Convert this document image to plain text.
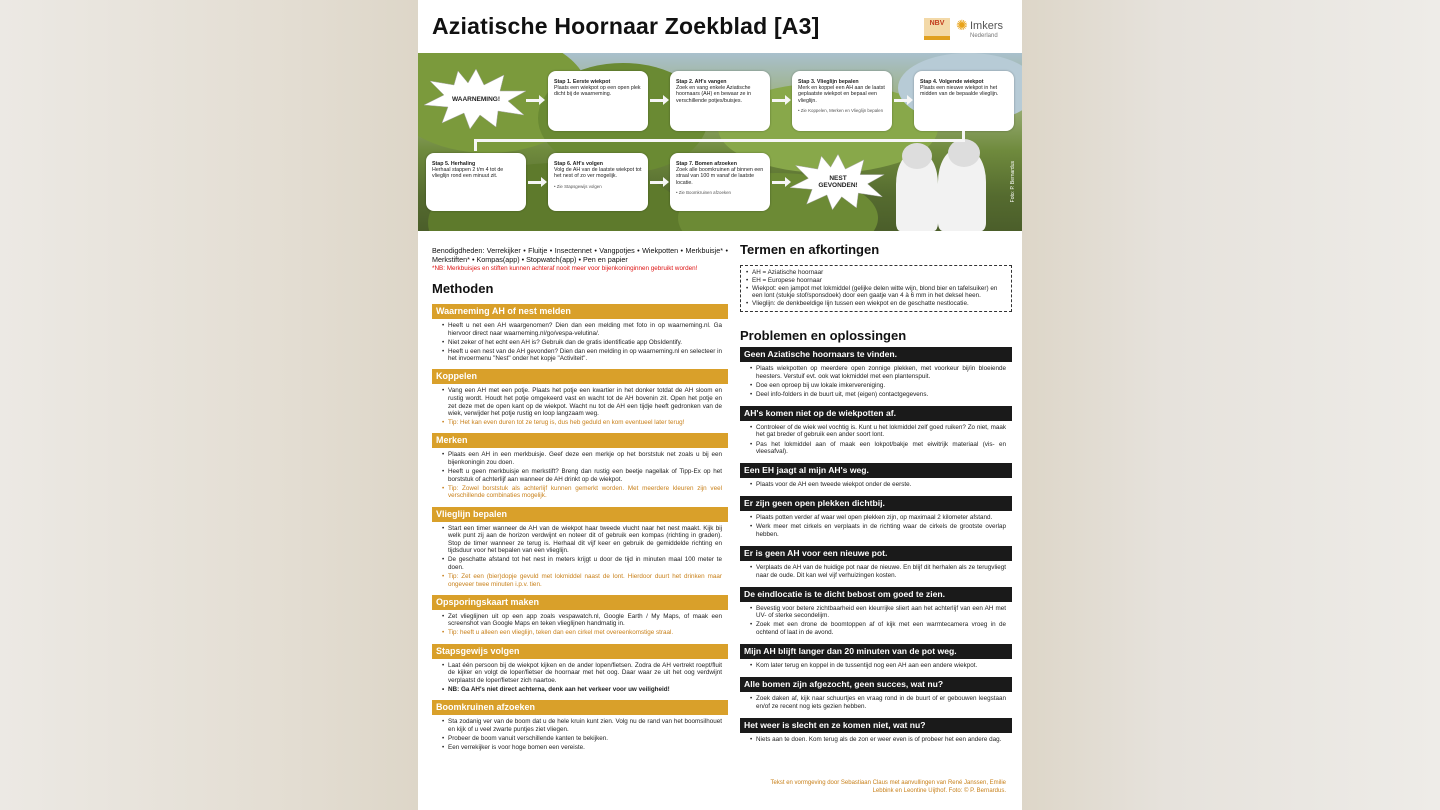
Aziatische Hoornaar Zoekblad [A3]	NBV ✺ Imkers
Nederland
WAARNEMING!
Stap 1. Eerste wiekpot
Plaats een wiekpot op een open plek dicht bij de waarneming.
Stap 2. AH's vangen
Zoek en vang enkele Aziatische hoornaars (AH) en bewaar ze in verschillende potjes/buisjes.
Stap 3. Vlieglijn bepalen
Merk en koppel een AH aan de laatst geplaatste wiekpot en bepaal een vlieglijn.
• Zie Koppelen, Merken en Vlieglijn bepalen
Stap 4. Volgende wiekpot
Plaats een nieuwe wiekpot in het midden van de bepaalde vlieglijn.
Stap 5. Herhaling
Herhaal stappen 2 t/m 4 tot de vlieglijn rond een minuut zit.
Stap 6. AH's volgen
Volg de AH van de laatste wiekpot tot het nest of zo ver mogelijk.
• Zie Stapsgewijs volgen
Stap 7. Bomen afzoeken
Zoek alle boomkruinen af binnen een straal van 100 m vanaf de laatste locatie.
• Zie Boomkruinen afzoeken
NEST GEVONDEN!	Foto: P. Bernardus
Benodigdheden: Verrekijker • Fluitje • Insectennet • Vangpotjes • Wiekpotten • Merkbuisje* • Merkstiften* • Kompas(app) • Stopwatch(app) • Pen en papier
*NB: Merkbuisjes en stiften kunnen achteraf nooit meer voor bijenkoninginnen gebruikt worden!
Methoden
Waarneming AH of nest melden

• Heeft u net een AH waargenomen? Dien dan een melding met foto in op waarneming.nl. Ga hiervoor direct naar waarneming.nl/go/vespa-velutina/.

• Niet zeker of het echt een AH is? Gebruik dan de gratis identificatie app ObsIdentify.

• Heeft u een nest van de AH gevonden? Dien dan een melding in op waarneming.nl en selecteer in het invoermenu "Nest" onder het kopje "Activiteit".

Koppelen

• Vang een AH met een potje. Plaats het potje een kwartier in het donker totdat de AH sloom en rustig wordt. Houdt het potje omgekeerd vast en wacht tot de AH bovenin zit. Open het potje en zet deze met de open kant op de wiekpot. Wacht nu tot de AH een tijdje heeft gedronken van de wiek, verwijder het potje rustig en loop langzaam weg.

• Tip: Het kan even duren tot ze terug is, dus heb geduld en kom eventueel later terug!

Merken

• Plaats een AH in een merkbuisje. Geef deze een merkje op het borststuk net zoals u bij een bijenkoningin zou doen.

• Heeft u geen merkbuisje en merkstift? Breng dan rustig een beetje nagellak of Tipp-Ex op het borststuk of achterlijf aan wanneer de AH drinkt op de wiekpot.

• Tip: Zowel borststuk als achterlijf kunnen gemerkt worden. Met meerdere kleuren zijn veel verschillende combinaties mogelijk.

Vlieglijn bepalen

• Start een timer wanneer de AH van de wiekpot haar tweede vlucht naar het nest maakt. Kijk bij welk punt zij aan de horizon verdwijnt en noteer dit of gebruik een kompas (richting in graden). Stop de timer wanneer ze terug is. Herhaal dit vijf keer en gebruik de gemiddelde richting en tijdsduur voor het bepalen van een vlieglijn.

• De geschatte afstand tot het nest in meters krijgt u door de tijd in minuten maal 100 meter te doen.

• Tip: Zet een (bier)dopje gevuld met lokmiddel naast de lont. Hierdoor duurt het drinken maar ongeveer twee minuten i.p.v. tien.

Opsporingskaart maken

• Zet vlieglijnen uit op een app zoals vespawatch.nl, Google Earth / My Maps, of maak een screenshot van Google Maps en teken vlieglijnen handmatig in.

• Tip: heeft u alleen een vlieglijn, teken dan een cirkel met overeenkomstige straal.

Stapsgewijs volgen

• Laat één persoon bij de wiekpot kijken en de ander lopen/fietsen. Zodra de AH vertrekt roept/fluit de kijker en volgt de loper/fietser de hoornaar met het oog. Daar waar ze uit het oog verdwijnt verplaatst de loper/fietser zich naartoe.

• NB: Ga AH's niet direct achterna, denk aan het verkeer voor uw veiligheid!

Boomkruinen afzoeken

• Sta zodanig ver van de boom dat u de hele kruin kunt zien. Volg nu de rand van het boomsilhouet en kijk of u veel zwarte puntjes ziet vliegen.

• Probeer de boom vanuit verschillende kanten te bekijken.

• Een verrekijker is voor hoge bomen een vereiste.

Termen en afkortingen

• AH = Aziatische hoornaar

• EH = Europese hoornaar

• Wiekpot: een jampot met lokmiddel (gelijke delen witte wijn, blond bier en tafelsuiker) en een lont (stukje stof/sponsdoek) door een gaatje van 4 à 6 mm in het deksel heen.

• Vlieglijn: de denkbeeldige lijn tussen een wiekpot en de geschatte nestlocatie.

Problemen en oplossingen
Geen Aziatische hoornaars te vinden.

• Plaats wiekpotten op meerdere open zonnige plekken, met voorkeur bij/in bloeiende heesters. Verstuif evt. ook wat lokmiddel met een plantenspuit.

• Doe een oproep bij uw lokale imkervereniging.

• Deel info-folders in de buurt uit, met (eigen) contactgegevens.

AH's komen niet op de wiekpotten af.

• Controleer of de wiek wel vochtig is. Kunt u het lokmiddel zelf goed ruiken? Zo niet, maak het gat breder of gebruik een ander soort lont.

• Pas het lokmiddel aan of maak een lokpot/bakje met eiwitrijk materiaal (vis- en vleesafval).

Een EH jaagt al mijn AH's weg.

• Plaats voor de AH een tweede wiekpot onder de eerste.

Er zijn geen open plekken dichtbij.

• Plaats potten verder af waar wel open plekken zijn, op maximaal 2 kilometer afstand.

• Werk meer met cirkels en verplaats in de richting waar de cirkels de grootste overlap hebben.

Er is geen AH voor een nieuwe pot.

• Verplaats de AH van de huidige pot naar de nieuwe. En blijf dit herhalen als ze terugvliegt naar de oude. Dit kan wel vijf verhuizingen kosten.

De eindlocatie is te dicht bebost om goed te zien.

• Bevestig voor betere zichtbaarheid een kleurrijke sliert aan het achterlijf van een AH met UV- of sterke secondelijm.

• Zoek met een drone de boomtoppen af of kijk met een warmtecamera vroeg in de ochtend of laat in de avond.

Mijn AH blijft langer dan 20 minuten van de pot weg.

• Kom later terug en koppel in de tussentijd nog een AH aan een andere wiekpot.

Alle bomen zijn afgezocht, geen succes, wat nu?

• Zoek daken af, kijk naar schuurtjes en vraag rond in de buurt of er gebouwen leegstaan en/of ze recent nog iets gezien hebben.

Het weer is slecht en ze komen niet, wat nu?

• Niets aan te doen. Kom terug als de zon er weer even is of probeer het een andere dag.

Tekst en vormgeving door Sebastiaan Claus met aanvullingen van René Janssen, Emilie Lebbink en Leontine Uijthof. Foto: © P. Bernardus.
